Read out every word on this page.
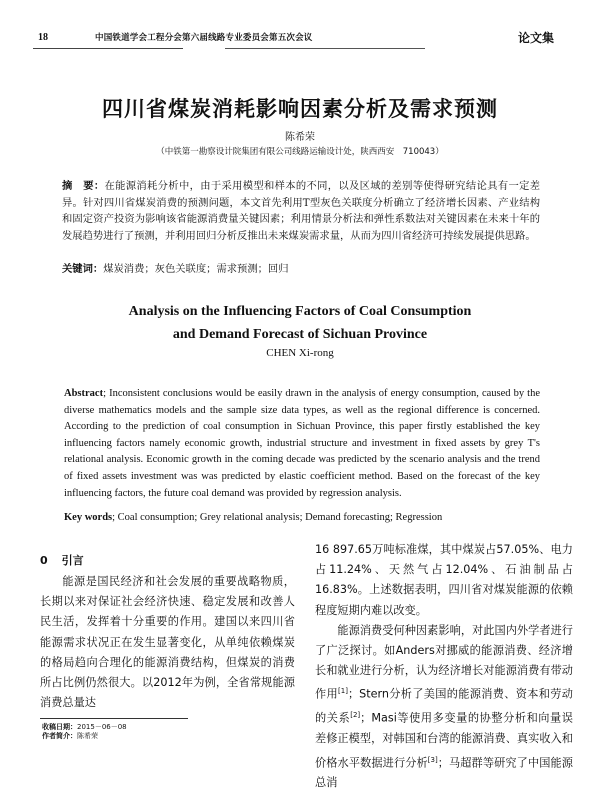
18	中国铁道学会工程分会第六届线路专业委员会第五次会议	论文集
四川省煤炭消耗影响因素分析及需求预测
陈希荣
（中铁第一勘察设计院集团有限公司线路运输设计处，陕西西安　710043）
摘　要：在能源消耗分析中，由于采用模型和样本的不同，以及区域的差别等使得研究结论具有一定差异。针对四川省煤炭消费的预测问题，本文首先利用T型灰色关联度分析确立了经济增长因素、产业结构和固定资产投资为影响该省能源消费量关键因素；利用情景分析法和弹性系数法对关键因素在未来十年的发展趋势进行了预测，并利用回归分析反推出未来煤炭需求量，从而为四川省经济可持续发展提供思路。
关键词：煤炭消费；灰色关联度；需求预测；回归
Analysis on the Influencing Factors of Coal Consumption
and Demand Forecast of Sichuan Province
CHEN Xi-rong
Abstract; Inconsistent conclusions would be easily drawn in the analysis of energy consumption, caused by the diverse mathematics models and the sample size data types, as well as the regional difference is concerned. According to the prediction of coal consumption in Sichuan Province, this paper firstly established the key influencing factors namely economic growth, industrial structure and investment in fixed assets by grey T's relational analysis. Economic growth in the coming decade was predicted by the scenario analysis and the trend of fixed assets investment was was predicted by elastic coefficient method. Based on the forecast of the key influencing factors, the future coal demand was provided by regression analysis.
Key words; Coal consumption; Grey relational analysis; Demand forecasting; Regression
0 引言

能源是国民经济和社会发展的重要战略物质，长期以来对保证社会经济快速、稳定发展和改善人民生活，发挥着十分重要的作用。建国以来四川省能源需求状况正在发生显著变化，从单纯依赖煤炭的格局趋向合理化的能源消费结构，但煤炭的消费所占比例仍然很大。以2012年为例，全省常规能源消费总量达

16 897.65万吨标准煤，其中煤炭占57.05%、电力占11.24%、天然气占12.04%、石油制品占16.83%。上述数据表明，四川省对煤炭能源的依赖程度短期内难以改变。

能源消费受何种因素影响，对此国内外学者进行了广泛探讨。如Anders对挪威的能源消费、经济增长和就业进行分析，认为经济增长对能源消费有带动作用[1]；Stern分析了美国的能源消费、资本和劳动的关系[2]；Masi等使用多变量的协整分析和向量误差修正模型，对韩国和台湾的能源消费、真实收入和价格水平数据进行分析[3]；马超群等研究了中国能源总消

收稿日期：2015－06－08
作者简介：陈希荣
